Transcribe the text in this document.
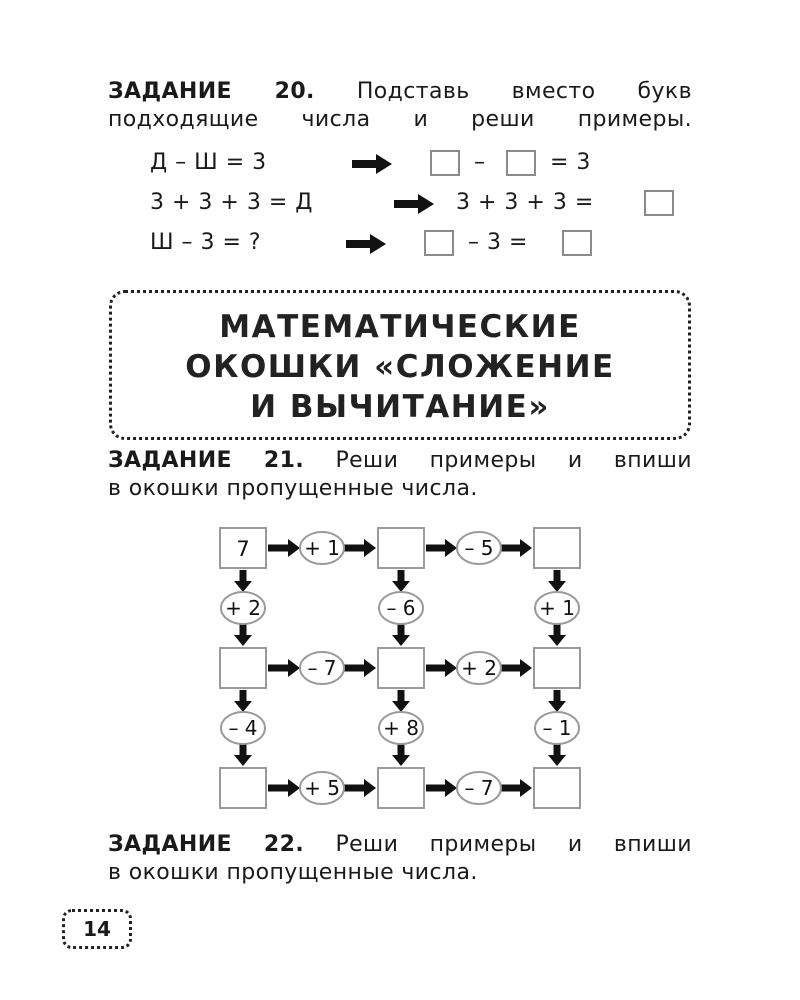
ЗАДАНИЕ 20. Подставь вместо букв

подходящие числа и реши примеры.

Д – Ш = 3	–	= 3
3 + 3 + 3 = Д	3 + 3 + 3 =
Ш – 3 = ?	– 3 =
МАТЕМАТИЧЕСКИЕ
ОКОШКИ «СЛОЖЕНИЕ
И ВЫЧИТАНИЕ»

ЗАДАНИЕ 21. Реши примеры и впиши

в окошки пропущенные числа.

7	+ 1	– 5
– 7	+ 2
+ 5	– 7
+ 2	– 6	+ 1
– 4	+ 8	– 1

ЗАДАНИЕ 22. Реши примеры и впиши

в окошки пропущенные числа.

14
